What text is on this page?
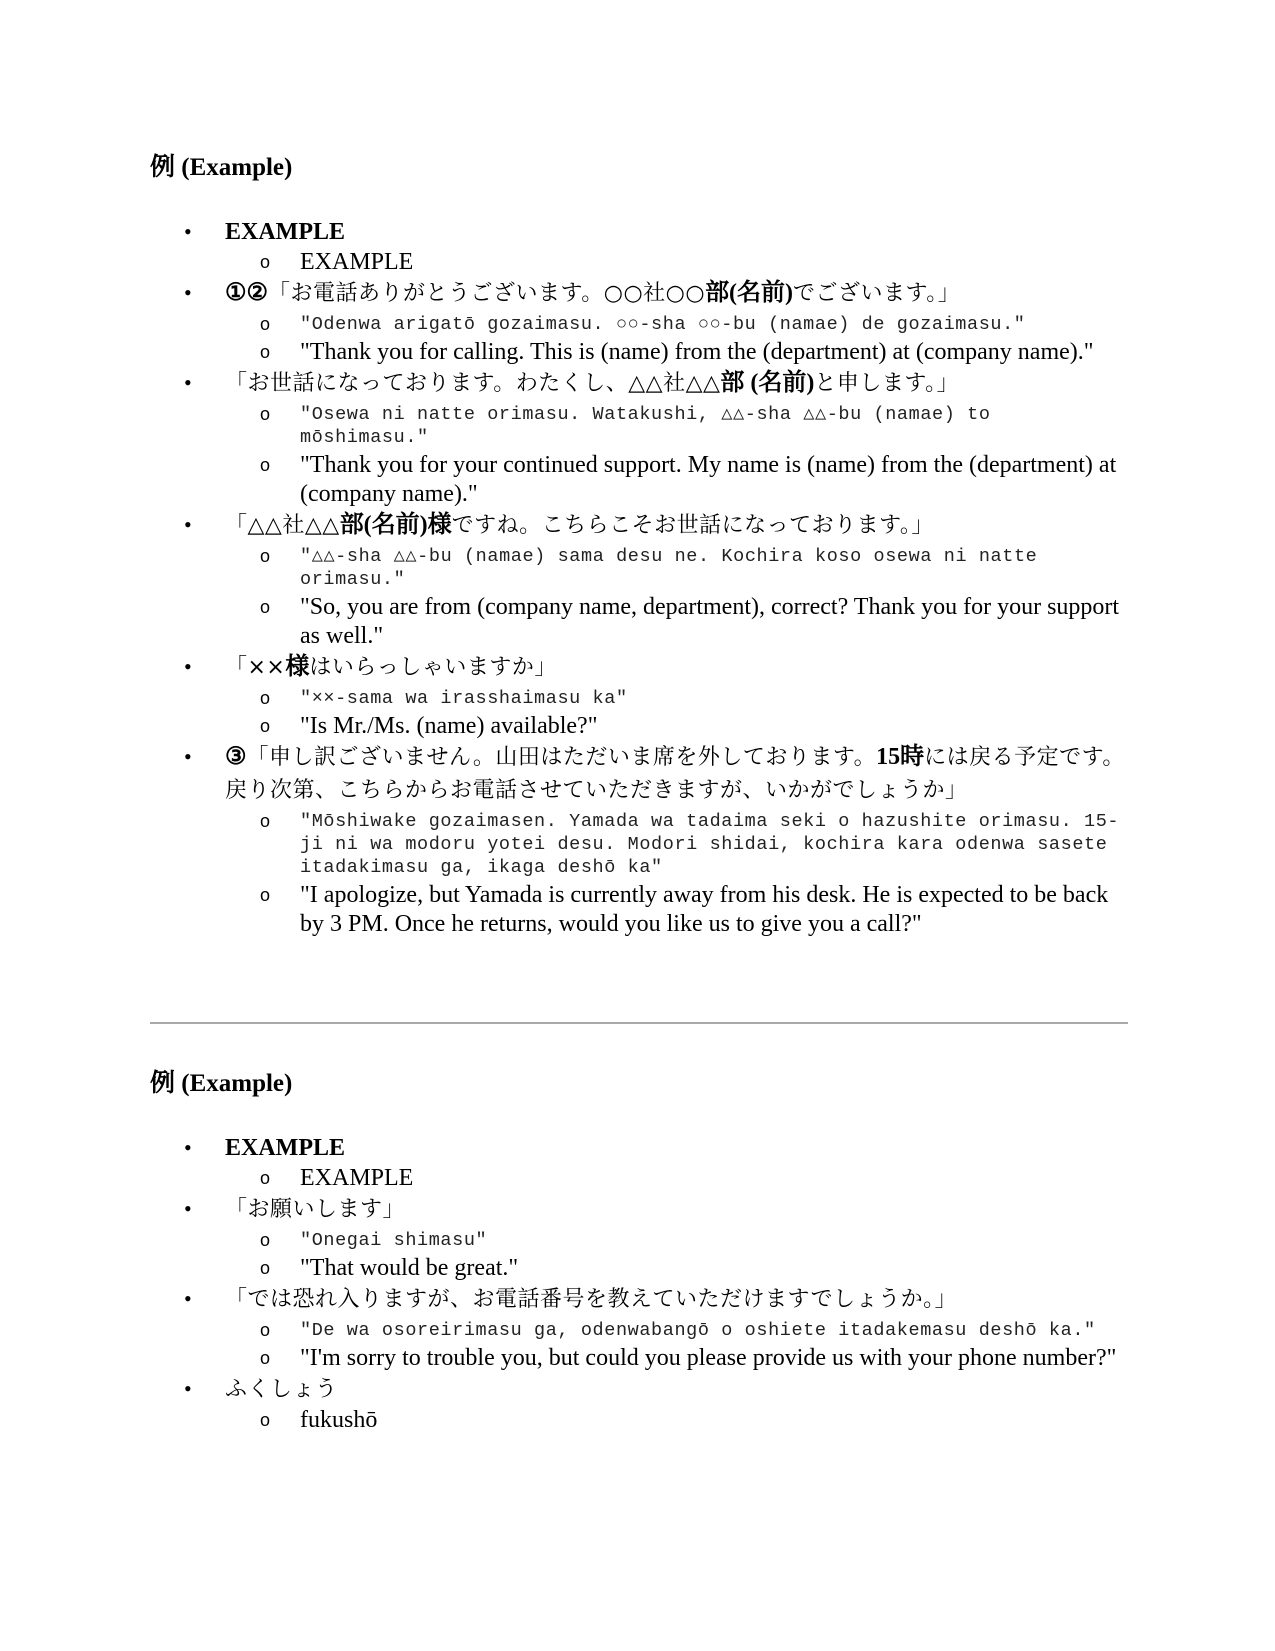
例 (Example)
• EXAMPLE
o EXAMPLE
• ①②「お電話ありがとうございます。○○社○○部(名前)でございます。」
o "Odenwa arigatō gozaimasu. ○○-sha ○○-bu (namae) de gozaimasu."
o "Thank you for calling. This is (name) from the (department) at (company name)."
• 「お世話になっております。わたくし、△△社△△部 (名前)と申します。」
o "Osewa ni natte orimasu. Watakushi, △△-sha △△-bu (namae) to mōshimasu."
o "Thank you for your continued support. My name is (name) from the (department) at (company name)."
• 「△△社△△部(名前)様ですね。こちらこそお世話になっております。」
o "△△-sha △△-bu (namae) sama desu ne. Kochira koso osewa ni natte orimasu."
o "So, you are from (company name, department), correct? Thank you for your support as well."
• 「××様はいらっしゃいますか」
o "××-sama wa irasshaimasu ka"
o "Is Mr./Ms. (name) available?"
• ③「申し訳ございません。山田はただいま席を外しております。15時には戻る予定です。戻り次第、こちらからお電話させていただきますが、いかがでしょうか」
o "Mōshiwake gozaimasen. Yamada wa tadaima seki o hazushite orimasu. 15-ji ni wa modoru yotei desu. Modori shidai, kochira kara odenwa sasete itadakimasu ga, ikaga deshō ka"
o "I apologize, but Yamada is currently away from his desk. He is expected to be back by 3 PM. Once he returns, would you like us to give you a call?"
例 (Example)
• EXAMPLE
o EXAMPLE
• 「お願いします」
o "Onegai shimasu"
o "That would be great."
• 「では恐れ入りますが、お電話番号を教えていただけますでしょうか。」
o "De wa osoreirimasu ga, odenwabangō o oshiete itadakemasu deshō ka."
o "I'm sorry to trouble you, but could you please provide us with your phone number?"
• ふくしょう
o fukushō
